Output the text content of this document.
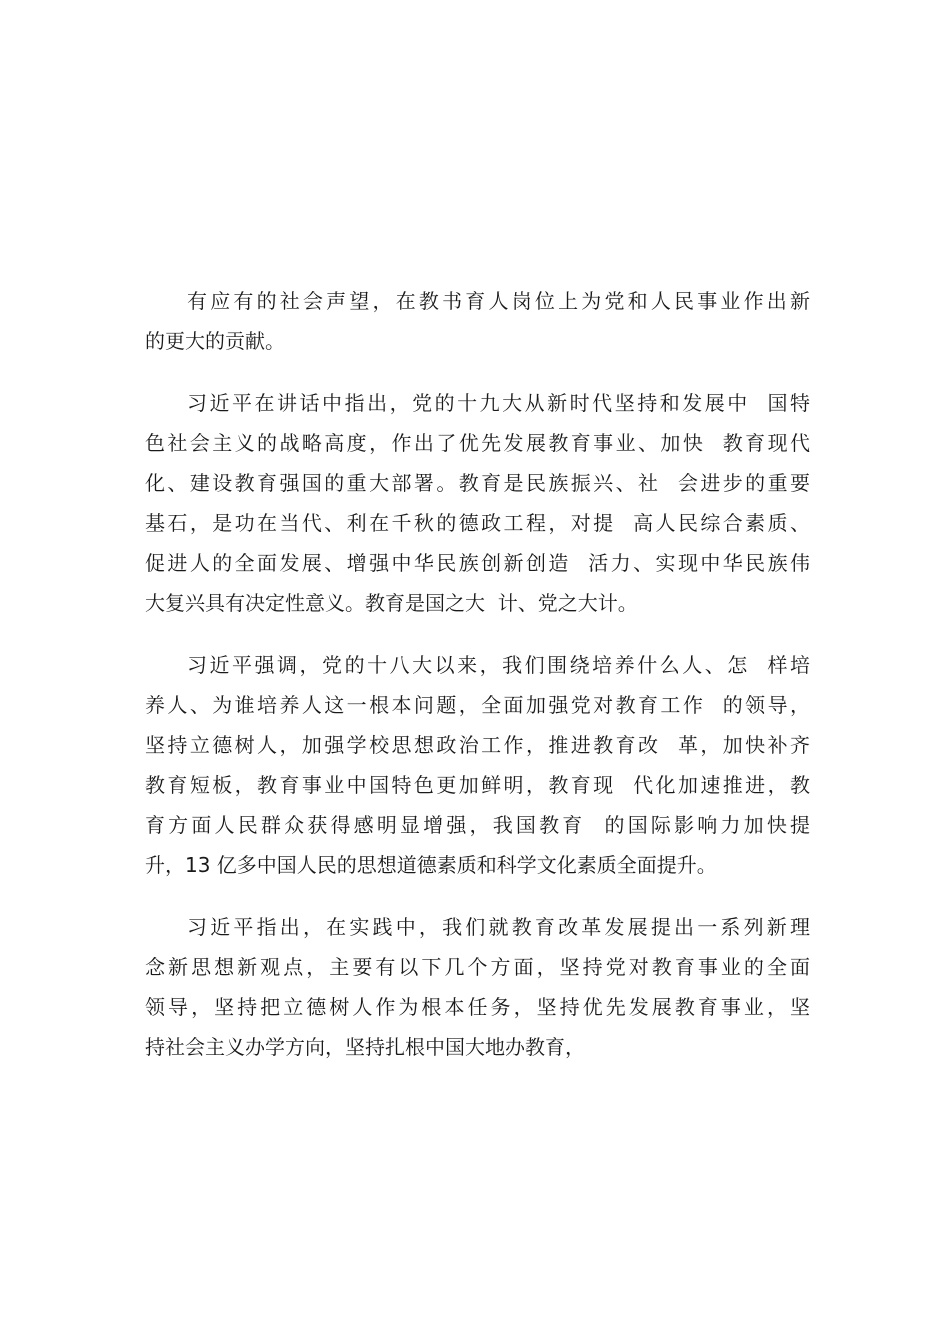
有应有的社会声望，在教书育人岗位上为党和人民事业作出新
的更大的贡献。
习近平在讲话中指出，党的十九大从新时代坚持和发展中  国特
色社会主义的战略高度，作出了优先发展教育事业、加快  教育现代
化、建设教育强国的重大部署。教育是民族振兴、社  会进步的重要
基石，是功在当代、利在千秋的德政工程，对提  高人民综合素质、
促进人的全面发展、增强中华民族创新创造  活力、实现中华民族伟
大复兴具有决定性意义。教育是国之大  计、党之大计。
习近平强调，党的十八大以来，我们围绕培养什么人、怎  样培
养人、为谁培养人这一根本问题，全面加强党对教育工作  的领导，
坚持立德树人，加强学校思想政治工作，推进教育改  革，加快补齐
教育短板，教育事业中国特色更加鲜明，教育现  代化加速推进，教
育方面人民群众获得感明显增强，我国教育  的国际影响力加快提
升，13 亿多中国人民的思想道德素质和科学文化素质全面提升。
习近平指出，在实践中，我们就教育改革发展提出一系列新理
念新思想新观点，主要有以下几个方面，坚持党对教育事业的全面
领导，坚持把立德树人作为根本任务，坚持优先发展教育事业，坚
持社会主义办学方向，坚持扎根中国大地办教育，
